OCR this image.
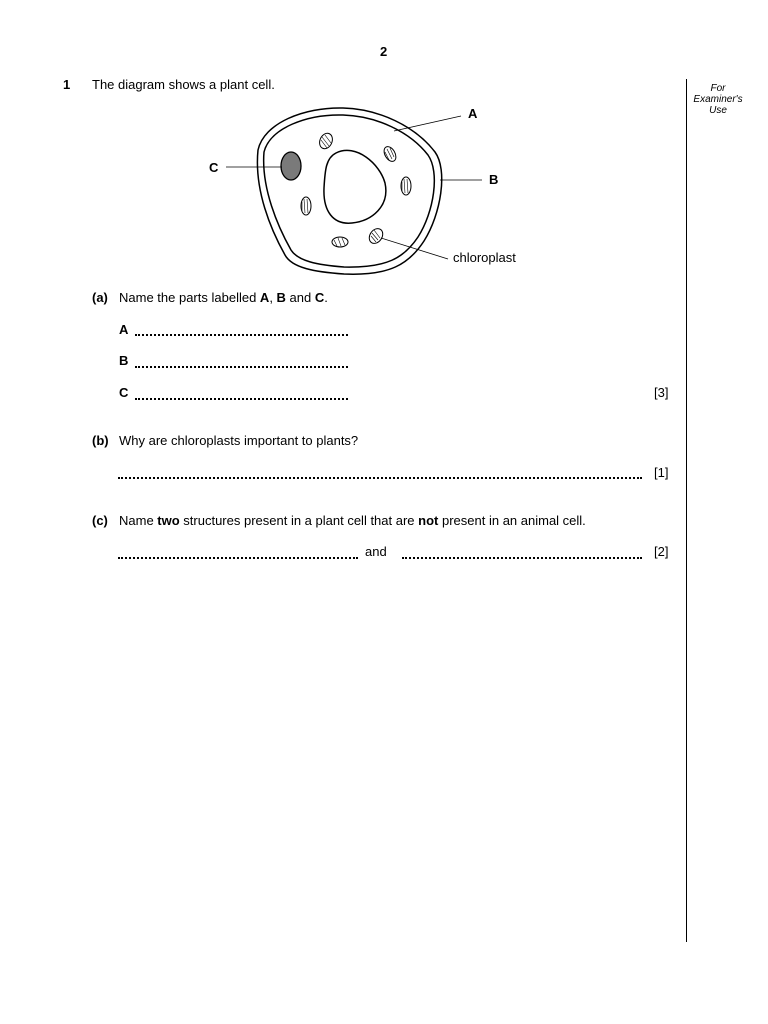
2
For
Examiner's
Use
1 The diagram shows a plant cell.
A
B
C
chloroplast
(a) Name the parts labelled A, B and C.
A
B
C	[3]
(b) Why are chloroplasts important to plants?
[1]
(c) Name two structures present in a plant cell that are not present in an animal cell.
and	[2]
